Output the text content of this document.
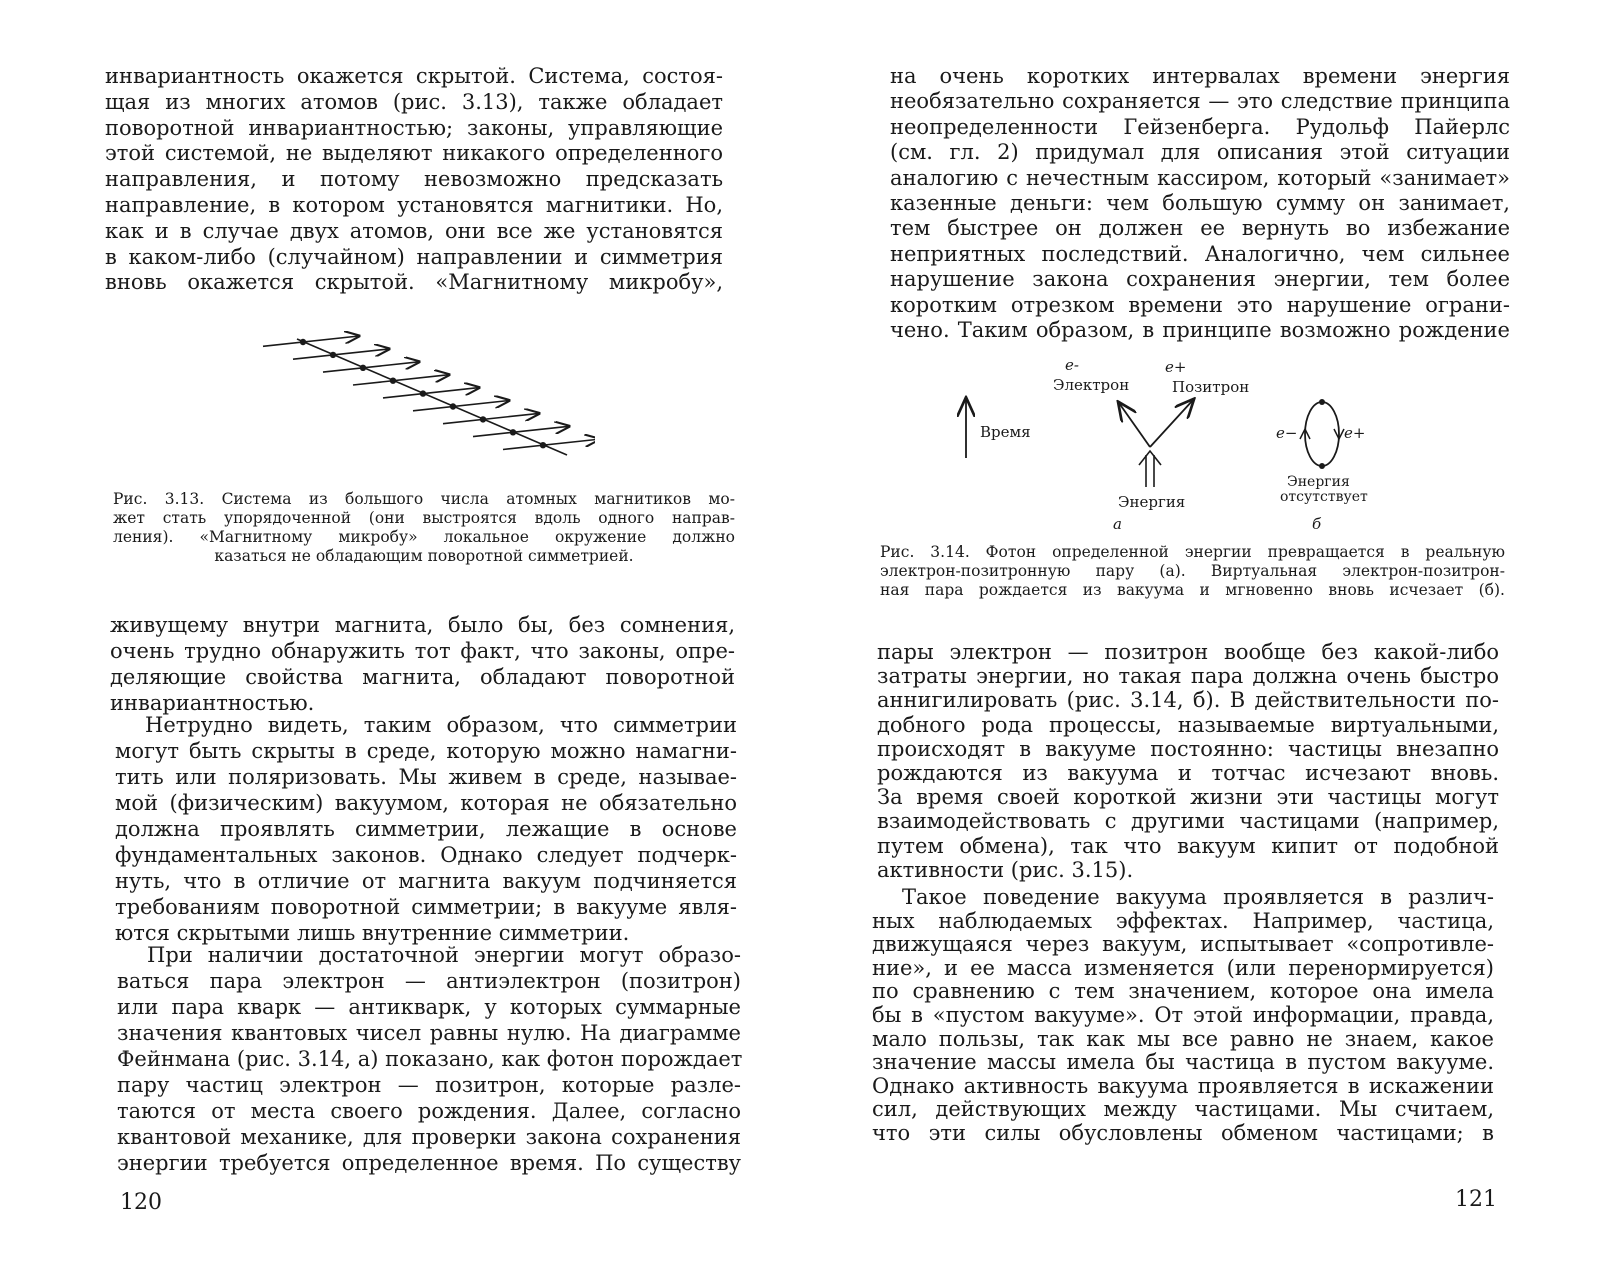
инвариантность окажется скрытой. Система, состоя-
щая из многих атомов (рис. 3.13), также обладает
поворотной инвариантностью; законы, управляющие
этой системой, не выделяют никакого определенного
направления, и потому невозможно предсказать
направление, в котором установятся магнитики. Но,
как и в случае двух атомов, они все же установятся
в каком-либо (случайном) направлении и симметрия
вновь окажется скрытой. «Магнитному микробу»,
Рис. 3.13. Система из большого числа атомных магнитиков мо-
жет стать упорядоченной (они выстроятся вдоль одного направ-
ления). «Магнитному микробу» локальное окружение должно
казаться не обладающим поворотной симметрией.
живущему внутри магнита, было бы, без сомнения,
очень трудно обнаружить тот факт, что законы, опре-
деляющие свойства магнита, обладают поворотной
инвариантностью.
Нетрудно видеть, таким образом, что симметрии
могут быть скрыты в среде, которую можно намагни-
тить или поляризовать. Мы живем в среде, называе-
мой (физическим) вакуумом, которая не обязательно
должна проявлять симметрии, лежащие в основе
фундаментальных законов. Однако следует подчерк-
нуть, что в отличие от магнита вакуум подчиняется
требованиям поворотной симметрии; в вакууме явля-
ются скрытыми лишь внутренние симметрии.
При наличии достаточной энергии могут образо-
ваться пара электрон — антиэлектрон (позитрон)
или пара кварк — антикварк, у которых суммарные
значения квантовых чисел равны нулю. На диаграмме
Фейнмана (рис. 3.14, а) показано, как фотон порождает
пару частиц электрон — позитрон, которые разле-
таются от места своего рождения. Далее, согласно
квантовой механике, для проверки закона сохранения
энергии требуется определенное время. По существу
120
на очень коротких интервалах времени энергия
необязательно сохраняется — это следствие принципа
неопределенности Гейзенберга. Рудольф Пайерлс
(см. гл. 2) придумал для описания этой ситуации
аналогию с нечестным кассиром, который «занимает»
казенные деньги: чем большую сумму он занимает,
тем быстрее он должен ее вернуть во избежание
неприятных последствий. Аналогично, чем сильнее
нарушение закона сохранения энергии, тем более
коротким отрезком времени это нарушение ограни-
чено. Таким образом, в принципе возможно рождение
Время
e-
Электрон
e+
Позитрон
Энергия
а
e−	e+
Энергия
отсутствует
б
Рис. 3.14. Фотон определенной энергии превращается в реальную
электрон-позитронную пару (а). Виртуальная электрон-позитрон-
ная пара рождается из вакуума и мгновенно вновь исчезает (б).
пары электрон — позитрон вообще без какой-либо
затраты энергии, но такая пара должна очень быстро
аннигилировать (рис. 3.14, б). В действительности по-
добного рода процессы, называемые виртуальными,
происходят в вакууме постоянно: частицы внезапно
рождаются из вакуума и тотчас исчезают вновь.
За время своей короткой жизни эти частицы могут
взаимодействовать с другими частицами (например,
путем обмена), так что вакуум кипит от подобной
активности (рис. 3.15).
Такое поведение вакуума проявляется в различ-
ных наблюдаемых эффектах. Например, частица,
движущаяся через вакуум, испытывает «сопротивле-
ние», и ее масса изменяется (или перенормируется)
по сравнению с тем значением, которое она имела
бы в «пустом вакууме». От этой информации, правда,
мало пользы, так как мы все равно не знаем, какое
значение массы имела бы частица в пустом вакууме.
Однако активность вакуума проявляется в искажении
сил, действующих между частицами. Мы считаем,
что эти силы обусловлены обменом частицами; в
121
